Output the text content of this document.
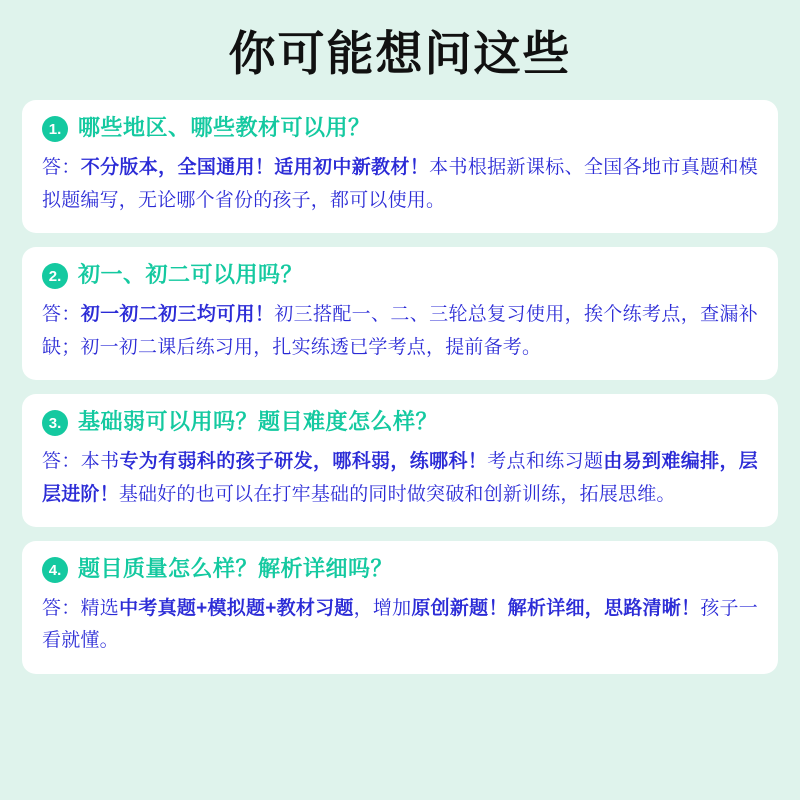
你可能想问这些
1. 哪些地区、哪些教材可以用？
答：不分版本，全国通用！适用初中新教材！本书根据新课标、全国各地市真题和模拟题编写，无论哪个省份的孩子，都可以使用。
2. 初一、初二可以用吗？
答：初一初二初三均可用！初三搭配一、二、三轮总复习使用，挨个练考点，查漏补缺；初一初二课后练习用，扎实练透已学考点，提前备考。
3. 基础弱可以用吗？题目难度怎么样？
答：本书专为有弱科的孩子研发，哪科弱，练哪科！考点和练习题由易到难编排，层层进阶！基础好的也可以在打牢基础的同时做突破和创新训练，拓展思维。
4. 题目质量怎么样？解析详细吗？
答：精选中考真题+模拟题+教材习题，增加原创新题！解析详细，思路清晰！孩子一看就懂。
